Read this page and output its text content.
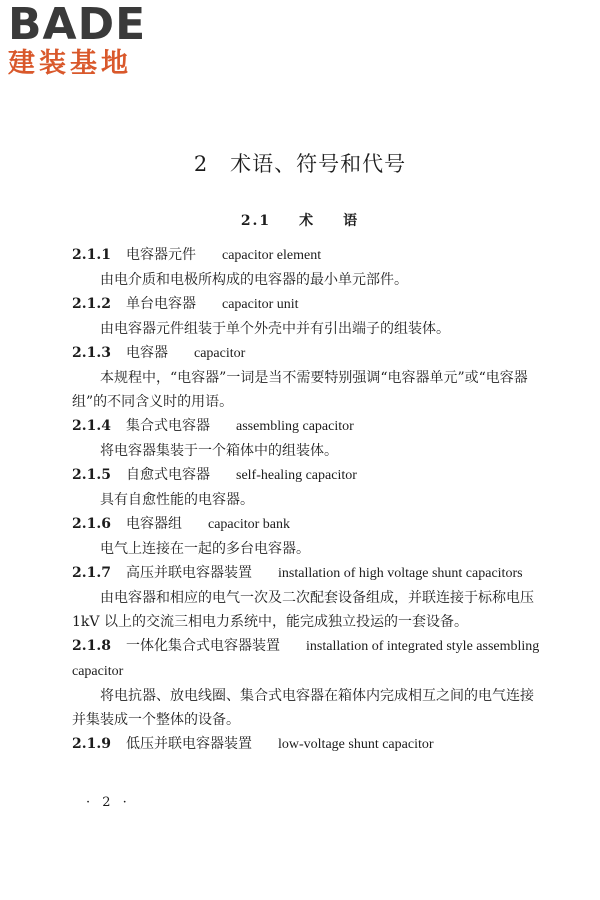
BADE
建装基地
2　术语、符号和代号
2.1 术 语
2.1.1 电容器元件 capacitor element
由电介质和电极所构成的电容器的最小单元部件。
2.1.2 单台电容器 capacitor unit
由电容器元件组装于单个外壳中并有引出端子的组装体。
2.1.3 电容器 capacitor
本规程中，“电容器”一词是当不需要特别强调“电容器单元”或“电容器组”的不同含义时的用语。
2.1.4 集合式电容器 assembling capacitor
将电容器集装于一个箱体中的组装体。
2.1.5 自愈式电容器 self-healing capacitor
具有自愈性能的电容器。
2.1.6 电容器组 capacitor bank
电气上连接在一起的多台电容器。
2.1.7 高压并联电容器装置 installation of high voltage shunt capacitors
由电容器和相应的电气一次及二次配套设备组成，并联连接于标称电压 1kV 以上的交流三相电力系统中，能完成独立投运的一套设备。
2.1.8 一体化集合式电容器装置 installation of integrated style assembling capacitor
将电抗器、放电线圈、集合式电容器在箱体内完成相互之间的电气连接并集装成一个整体的设备。
2.1.9 低压并联电容器装置 low-voltage shunt capacitor
· 2 ·
